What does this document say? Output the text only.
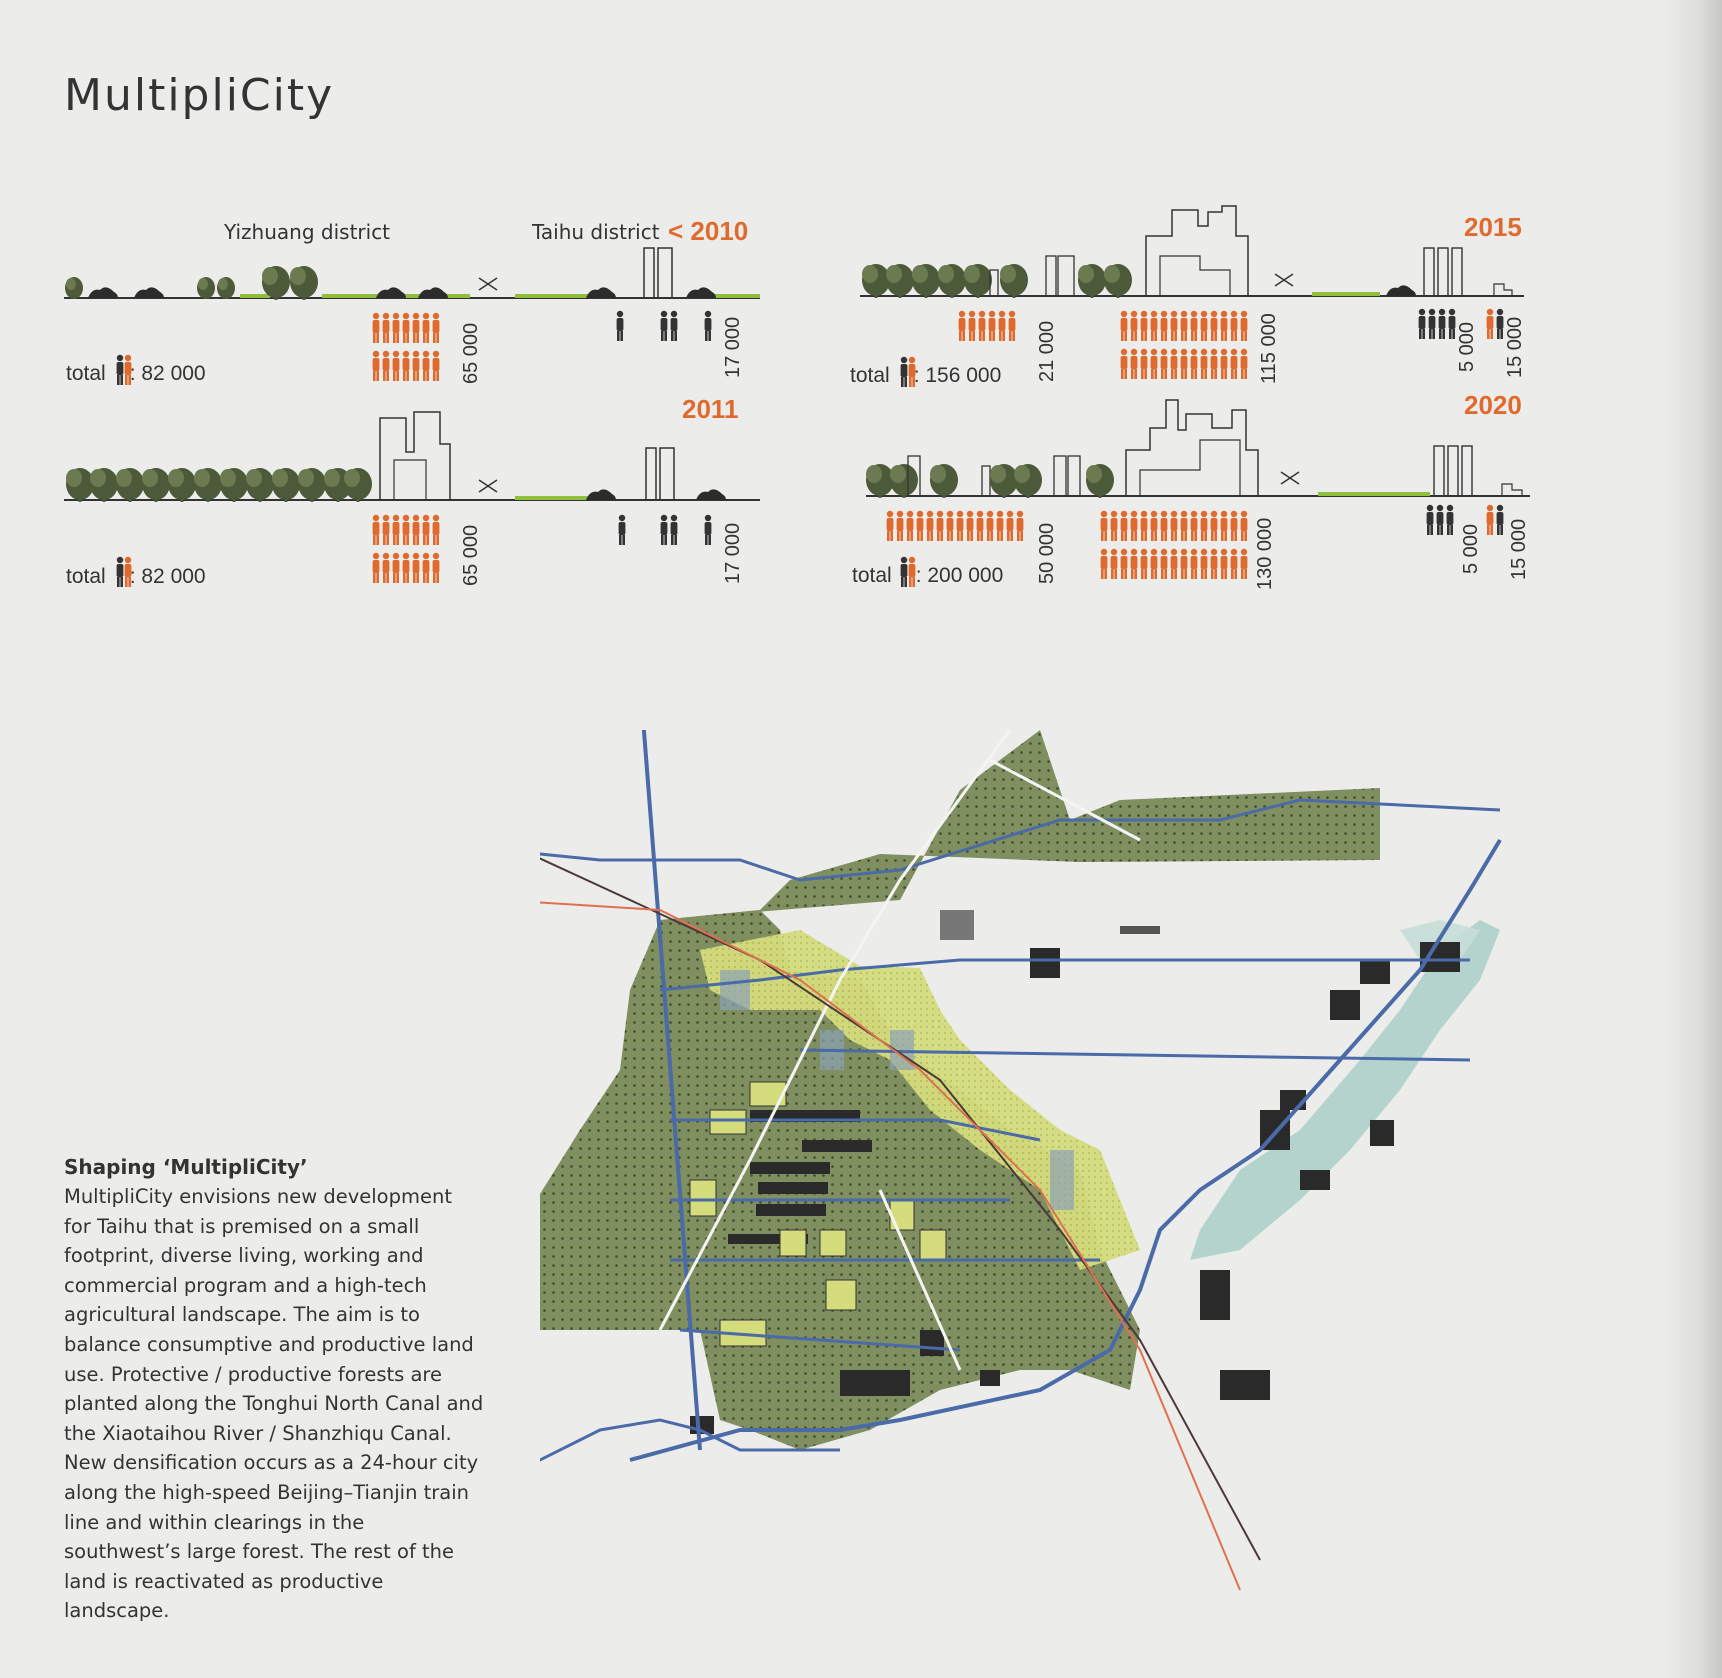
MultipliCity
Yizhuang district	Taihu district < 2010
2011
2015
2020
total : 82 000
total : 82 000
total : 156 000
total : 200 000
65 000	17 000
65 000	17 000
21 000	115 000	5 000 15 000
50 000	130 000	5 000 15 000
Shaping ‘MultipliCity’

MultipliCity envisions new development for Taihu that is premised on a small footprint, diverse living, working and commercial program and a high-tech agricultural landscape. The aim is to balance consumptive and productive land use. Protective / productive forests are planted along the Tonghui North Canal and the Xiaotaihou River / Shanzhiqu Canal. New densification occurs as a 24-hour city along the high-speed Beijing–Tianjin train line and within clearings in the southwest’s large forest. The rest of the land is reactivated as productive landscape.
